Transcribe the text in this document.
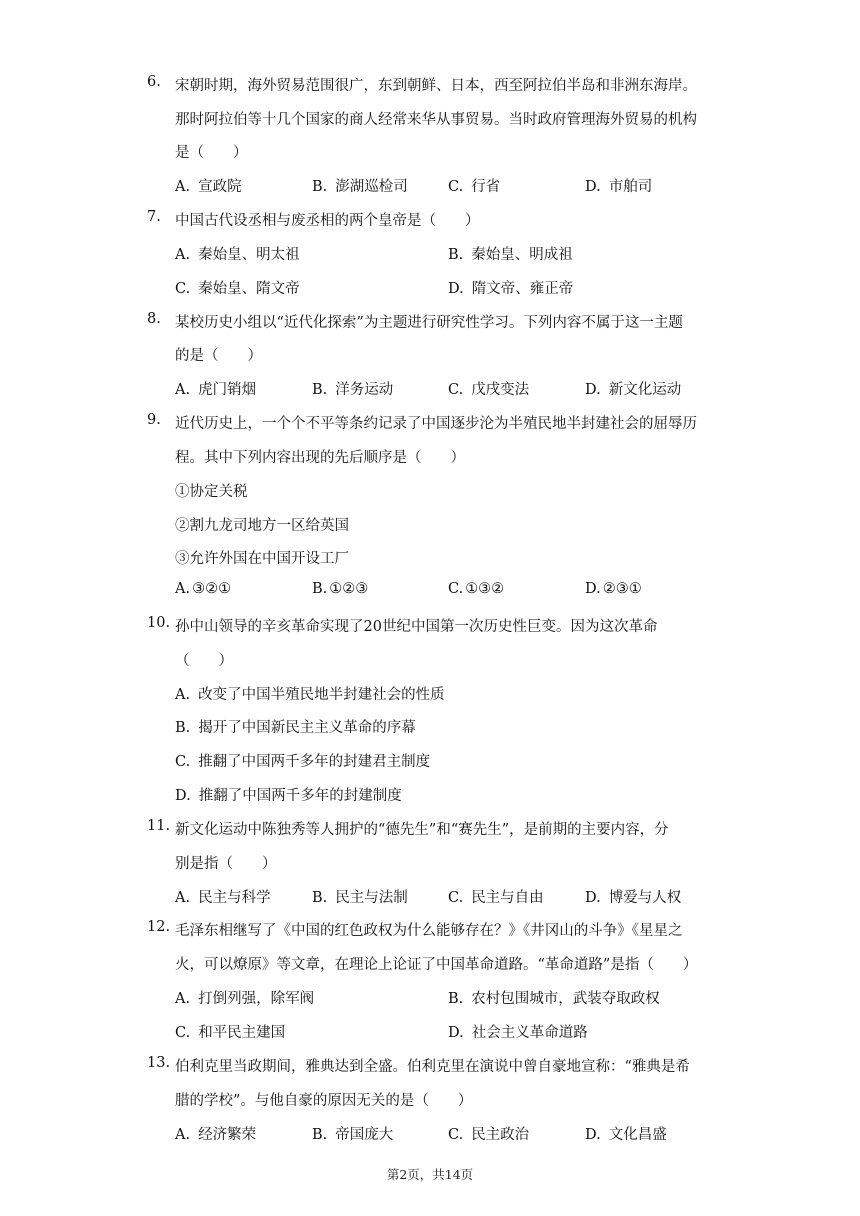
6. 宋朝时期，海外贸易范围很广，东到朝鲜、日本，西至阿拉伯半岛和非洲东海岸。
那时阿拉伯等十几个国家的商人经常来华从事贸易。当时政府管理海外贸易的机构
是（　　）
A. 宣政院	B. 澎湖巡检司	C. 行省	D. 市舶司
7. 中国古代设丞相与废丞相的两个皇帝是（　　）
A. 秦始皇、明太祖	B. 秦始皇、明成祖
C. 秦始皇、隋文帝	D. 隋文帝、雍正帝
8. 某校历史小组以“近代化探索”为主题进行研究性学习。下列内容不属于这一主题
的是（　　）
A. 虎门销烟	B. 洋务运动	C. 戊戌变法	D. 新文化运动
9. 近代历史上，一个个不平等条约记录了中国逐步沦为半殖民地半封建社会的屈辱历
程。其中下列内容出现的先后顺序是（　　）
①协定关税
②割九龙司地方一区给英国
③允许外国在中国开设工厂
A. ③②①	B. ①②③	C. ①③②	D. ②③①
10. 孙中山领导的辛亥革命实现了20世纪中国第一次历史性巨变。因为这次革命
（　　）
A. 改变了中国半殖民地半封建社会的性质
B. 揭开了中国新民主主义革命的序幕
C. 推翻了中国两千多年的封建君主制度
D. 推翻了中国两千多年的封建制度
11. 新文化运动中陈独秀等人拥护的“德先生”和“赛先生”，是前期的主要内容，分
别是指（　　）
A. 民主与科学	B. 民主与法制	C. 民主与自由	D. 博爱与人权
12. 毛泽东相继写了《中国的红色政权为什么能够存在？》《井冈山的斗争》《星星之
火，可以燎原》等文章，在理论上论证了中国革命道路。“革命道路”是指（　　）
A. 打倒列强，除军阀	B. 农村包围城市，武装夺取政权
C. 和平民主建国	D. 社会主义革命道路
13. 伯利克里当政期间，雅典达到全盛。伯利克里在演说中曾自豪地宣称：“雅典是希
腊的学校”。与他自豪的原因无关的是（　　）
A. 经济繁荣	B. 帝国庞大	C. 民主政治	D. 文化昌盛
第2页，共14页
